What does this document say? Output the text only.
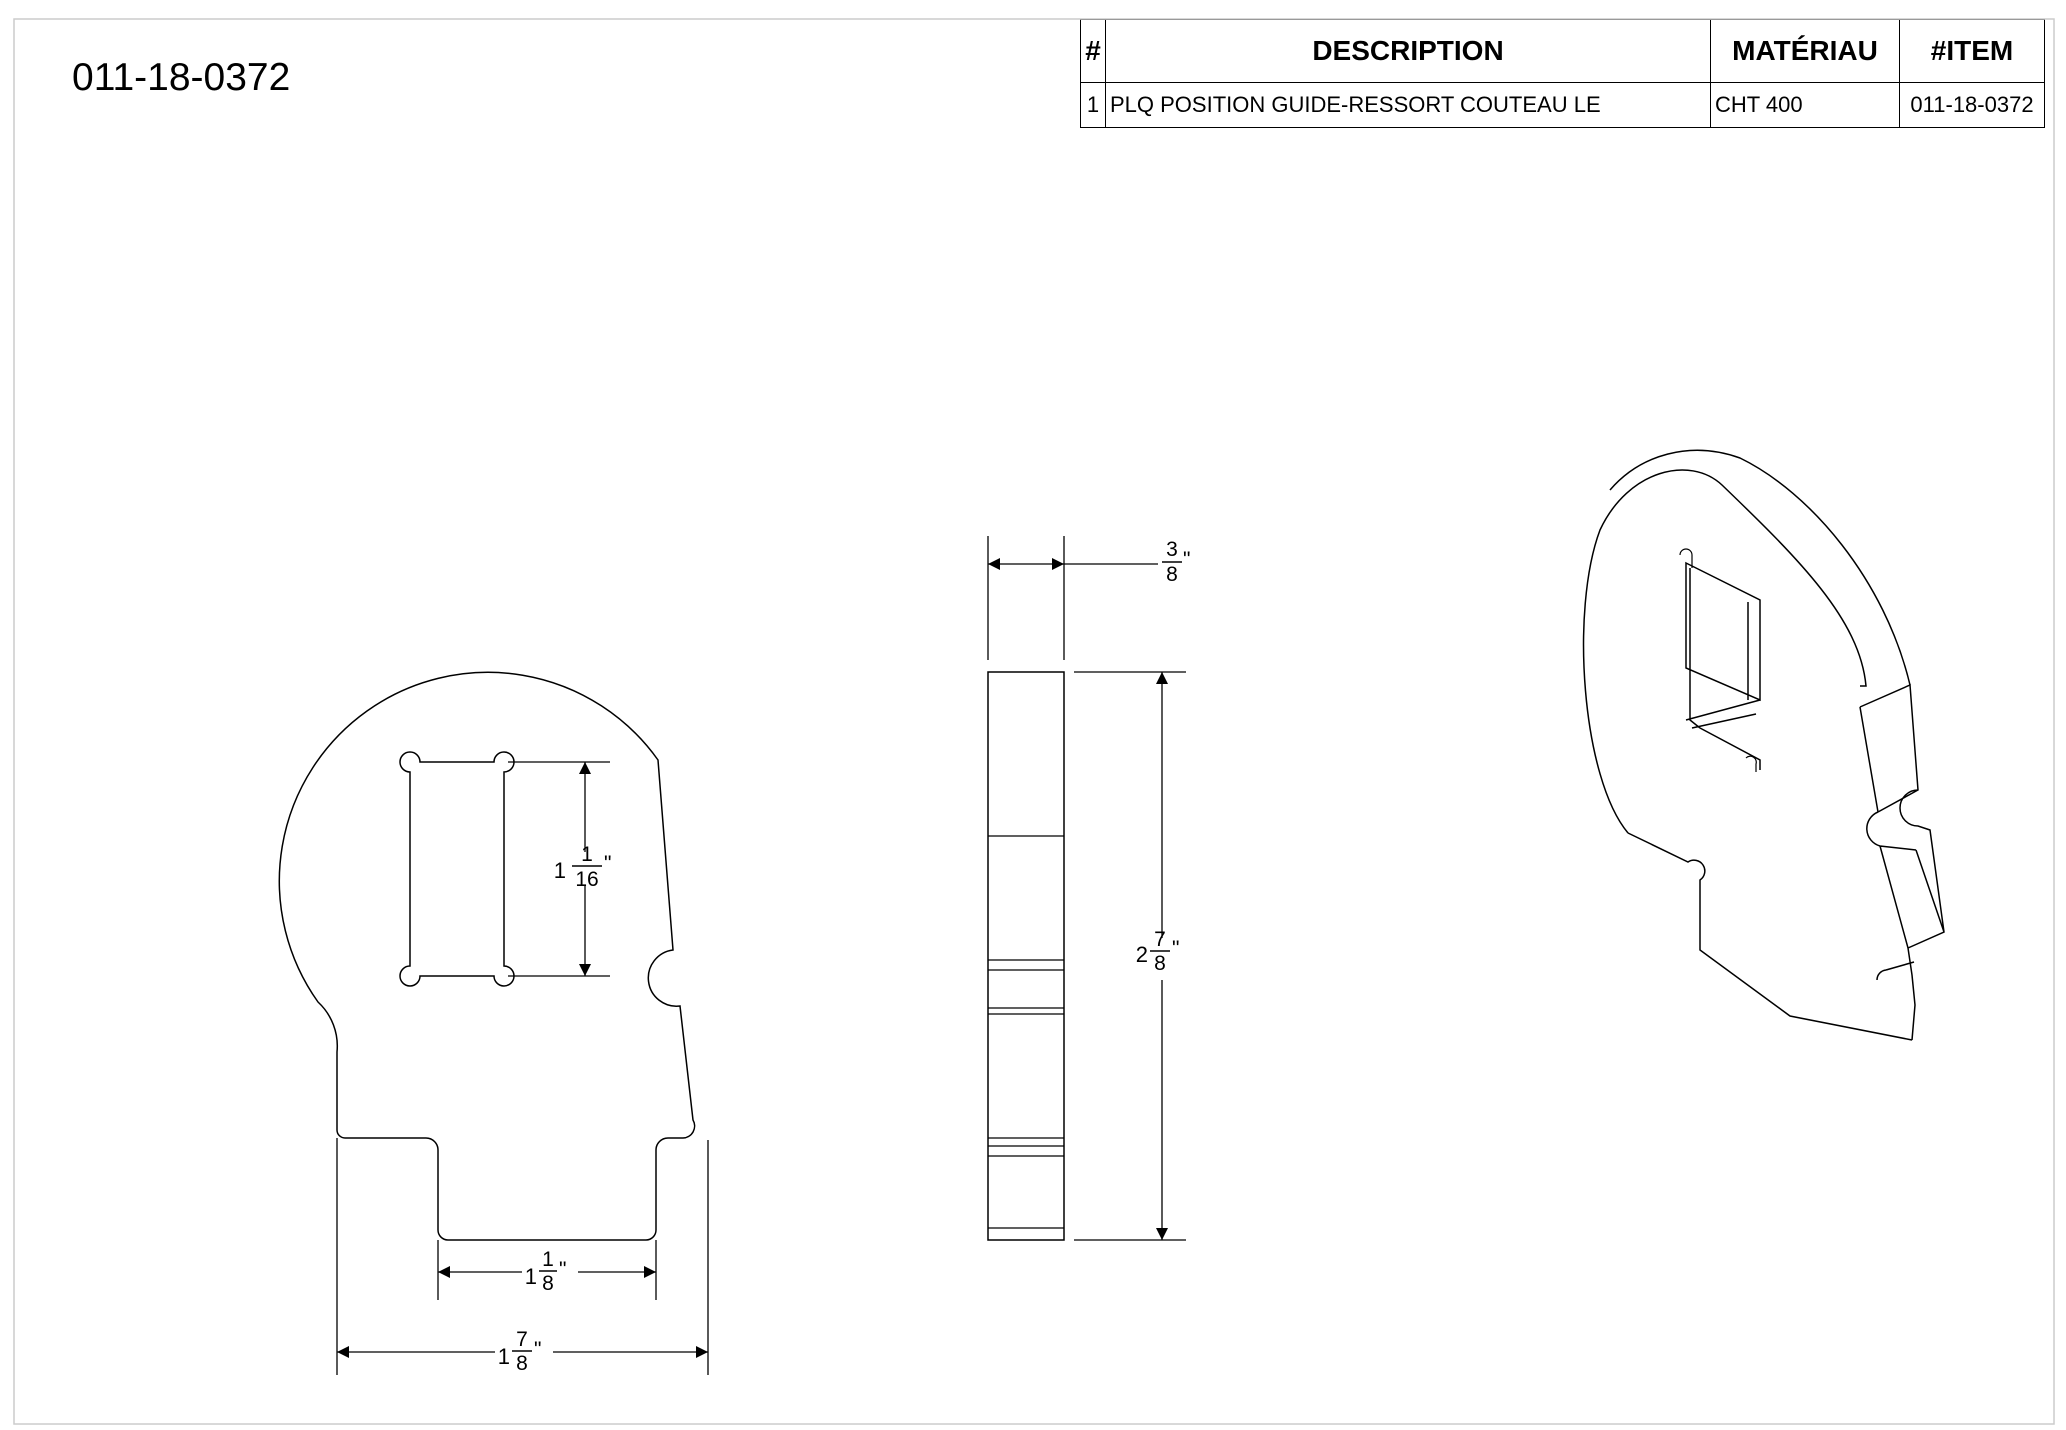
011-18-0372
#	DESCRIPTION	MATÉRIAU	#ITEM
1	PLQ POSITION GUIDE-RESSORT COUTEAU LE	CHT 400	011-18-0372
1
1
16
"
1
1
8
"
1
7
8
"
3
8
"
2
7
8
"
